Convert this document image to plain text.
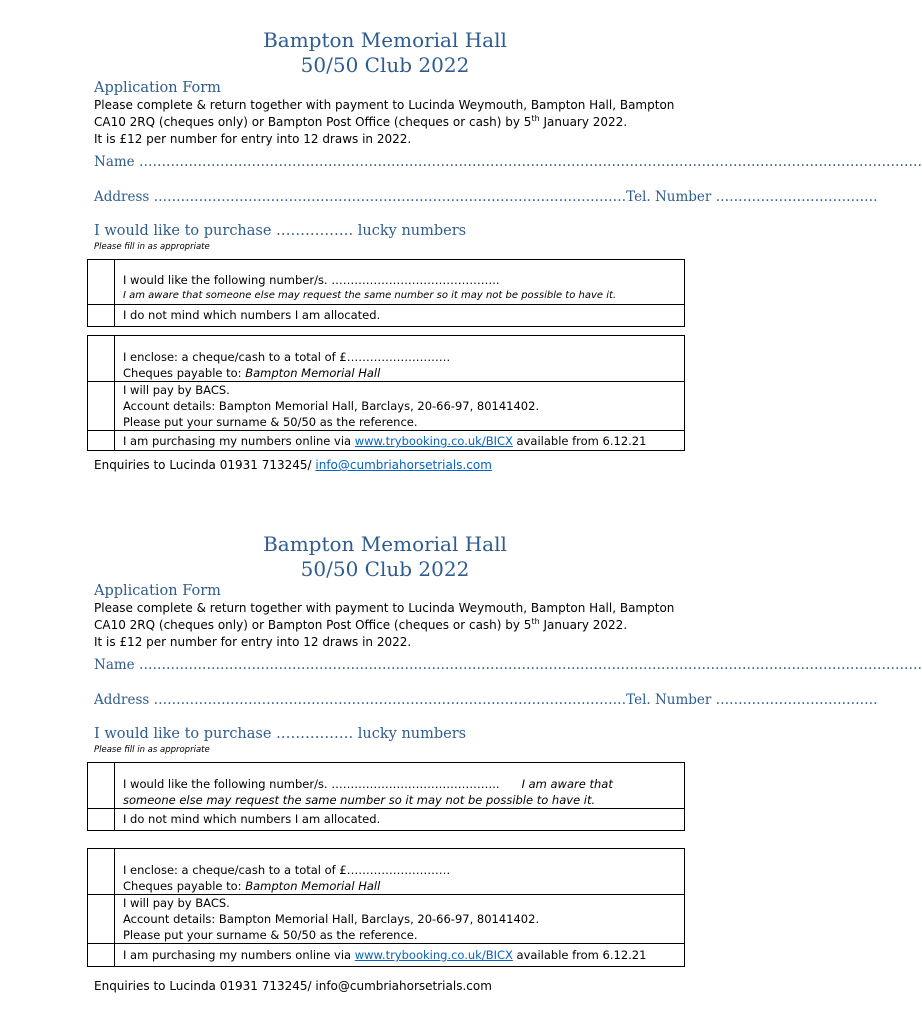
Bampton Memorial Hall
50/50 Club 2022
Application Form

Please complete & return together with payment to Lucinda Weymouth, Bampton Hall, Bampton

CA10 2RQ (cheques only) or Bampton Post Office (cheques or cash) by 5th January 2022.

It is £12 per number for entry into 12 draws in 2022.

Name …………………………………………………………………………………………………………………………………………………………
Address ……………………………………………………………………………………………Tel. Number ………………………………
I would like to purchase ……………. lucky numbers
Please fill in as appropriate

	I would like the following number/s. ……………………………………..
I am aware that someone else may request the same number so it may not be possible to have it.

	I do not mind which numbers I am allocated.

	I enclose: a cheque/cash to a total of £………………………
Cheques payable to: Bampton Memorial Hall

	I will pay by BACS.
Account details: Bampton Memorial Hall, Barclays, 20-66-97, 80141402.
Please put your surname & 50/50 as the reference.

	I am purchasing my numbers online via www.trybooking.co.uk/BICX available from 6.12.21
Enquiries to Lucinda 01931 713245/ info@cumbriahorsetrials.com
Bampton Memorial Hall
50/50 Club 2022
Application Form

Please complete & return together with payment to Lucinda Weymouth, Bampton Hall, Bampton

CA10 2RQ (cheques only) or Bampton Post Office (cheques or cash) by 5th January 2022.

It is £12 per number for entry into 12 draws in 2022.

Name …………………………………………………………………………………………………………………………………………………………
Address ……………………………………………………………………………………………Tel. Number ………………………………
I would like to purchase ……………. lucky numbers
Please fill in as appropriate

	I would like the following number/s. …………………………………….. I am aware that
someone else may request the same number so it may not be possible to have it.

	I do not mind which numbers I am allocated.

	I enclose: a cheque/cash to a total of £………………………
Cheques payable to: Bampton Memorial Hall

	I will pay by BACS.
Account details: Bampton Memorial Hall, Barclays, 20-66-97, 80141402.
Please put your surname & 50/50 as the reference.

	I am purchasing my numbers online via www.trybooking.co.uk/BICX available from 6.12.21
Enquiries to Lucinda 01931 713245/ info@cumbriahorsetrials.com
